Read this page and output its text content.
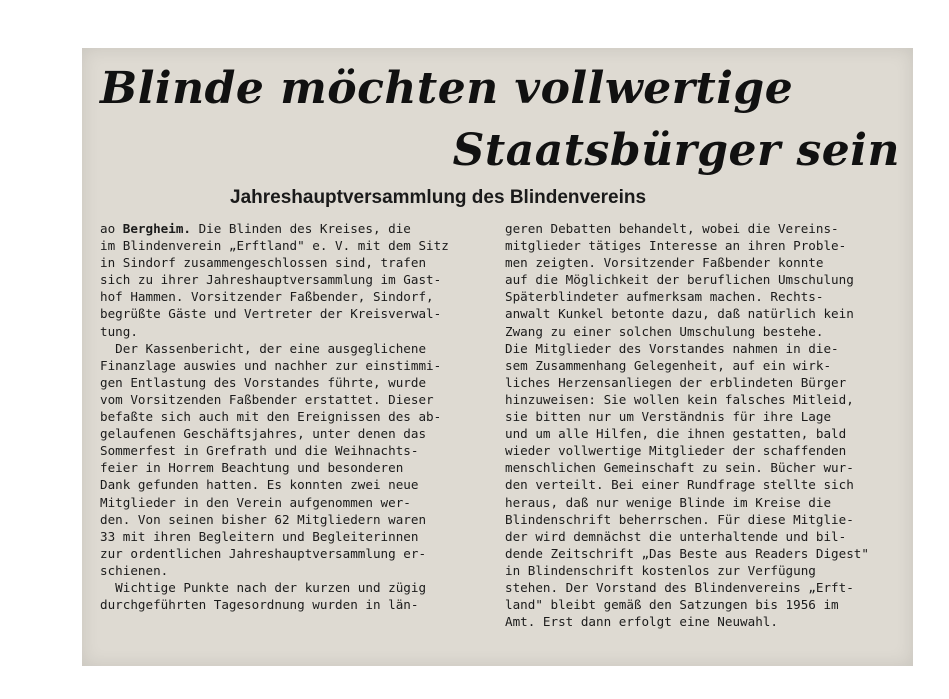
Blinde möchten vollwertige
Staatsbürger sein
Jahreshauptversammlung des Blindenvereins
ao Bergheim. Die Blinden des Kreises, die
im Blindenverein „Erftland" e. V. mit dem Sitz
in Sindorf zusammengeschlossen sind, trafen
sich zu ihrer Jahreshauptversammlung im Gast-
hof Hammen. Vorsitzender Faßbender, Sindorf,
begrüßte Gäste und Vertreter der Kreisverwal-
tung.
Der Kassenbericht, der eine ausgeglichene
Finanzlage auswies und nachher zur einstimmi-
gen Entlastung des Vorstandes führte, wurde
vom Vorsitzenden Faßbender erstattet. Dieser
befaßte sich auch mit den Ereignissen des ab-
gelaufenen Geschäftsjahres, unter denen das
Sommerfest in Grefrath und die Weihnachts-
feier in Horrem Beachtung und besonderen
Dank gefunden hatten. Es konnten zwei neue
Mitglieder in den Verein aufgenommen wer-
den. Von seinen bisher 62 Mitgliedern waren
33 mit ihren Begleitern und Begleiterinnen
zur ordentlichen Jahreshauptversammlung er-
schienen.
Wichtige Punkte nach der kurzen und zügig
durchgeführten Tagesordnung wurden in län-
geren Debatten behandelt, wobei die Vereins-
mitglieder tätiges Interesse an ihren Proble-
men zeigten. Vorsitzender Faßbender konnte
auf die Möglichkeit der beruflichen Umschulung
Späterblindeter aufmerksam machen. Rechts-
anwalt Kunkel betonte dazu, daß natürlich kein
Zwang zu einer solchen Umschulung bestehe.
Die Mitglieder des Vorstandes nahmen in die-
sem Zusammenhang Gelegenheit, auf ein wirk-
liches Herzensanliegen der erblindeten Bürger
hinzuweisen: Sie wollen kein falsches Mitleid,
sie bitten nur um Verständnis für ihre Lage
und um alle Hilfen, die ihnen gestatten, bald
wieder vollwertige Mitglieder der schaffenden
menschlichen Gemeinschaft zu sein. Bücher wur-
den verteilt. Bei einer Rundfrage stellte sich
heraus, daß nur wenige Blinde im Kreise die
Blindenschrift beherrschen. Für diese Mitglie-
der wird demnächst die unterhaltende und bil-
dende Zeitschrift „Das Beste aus Readers Digest"
in Blindenschrift kostenlos zur Verfügung
stehen. Der Vorstand des Blindenvereins „Erft-
land" bleibt gemäß den Satzungen bis 1956 im
Amt. Erst dann erfolgt eine Neuwahl.
